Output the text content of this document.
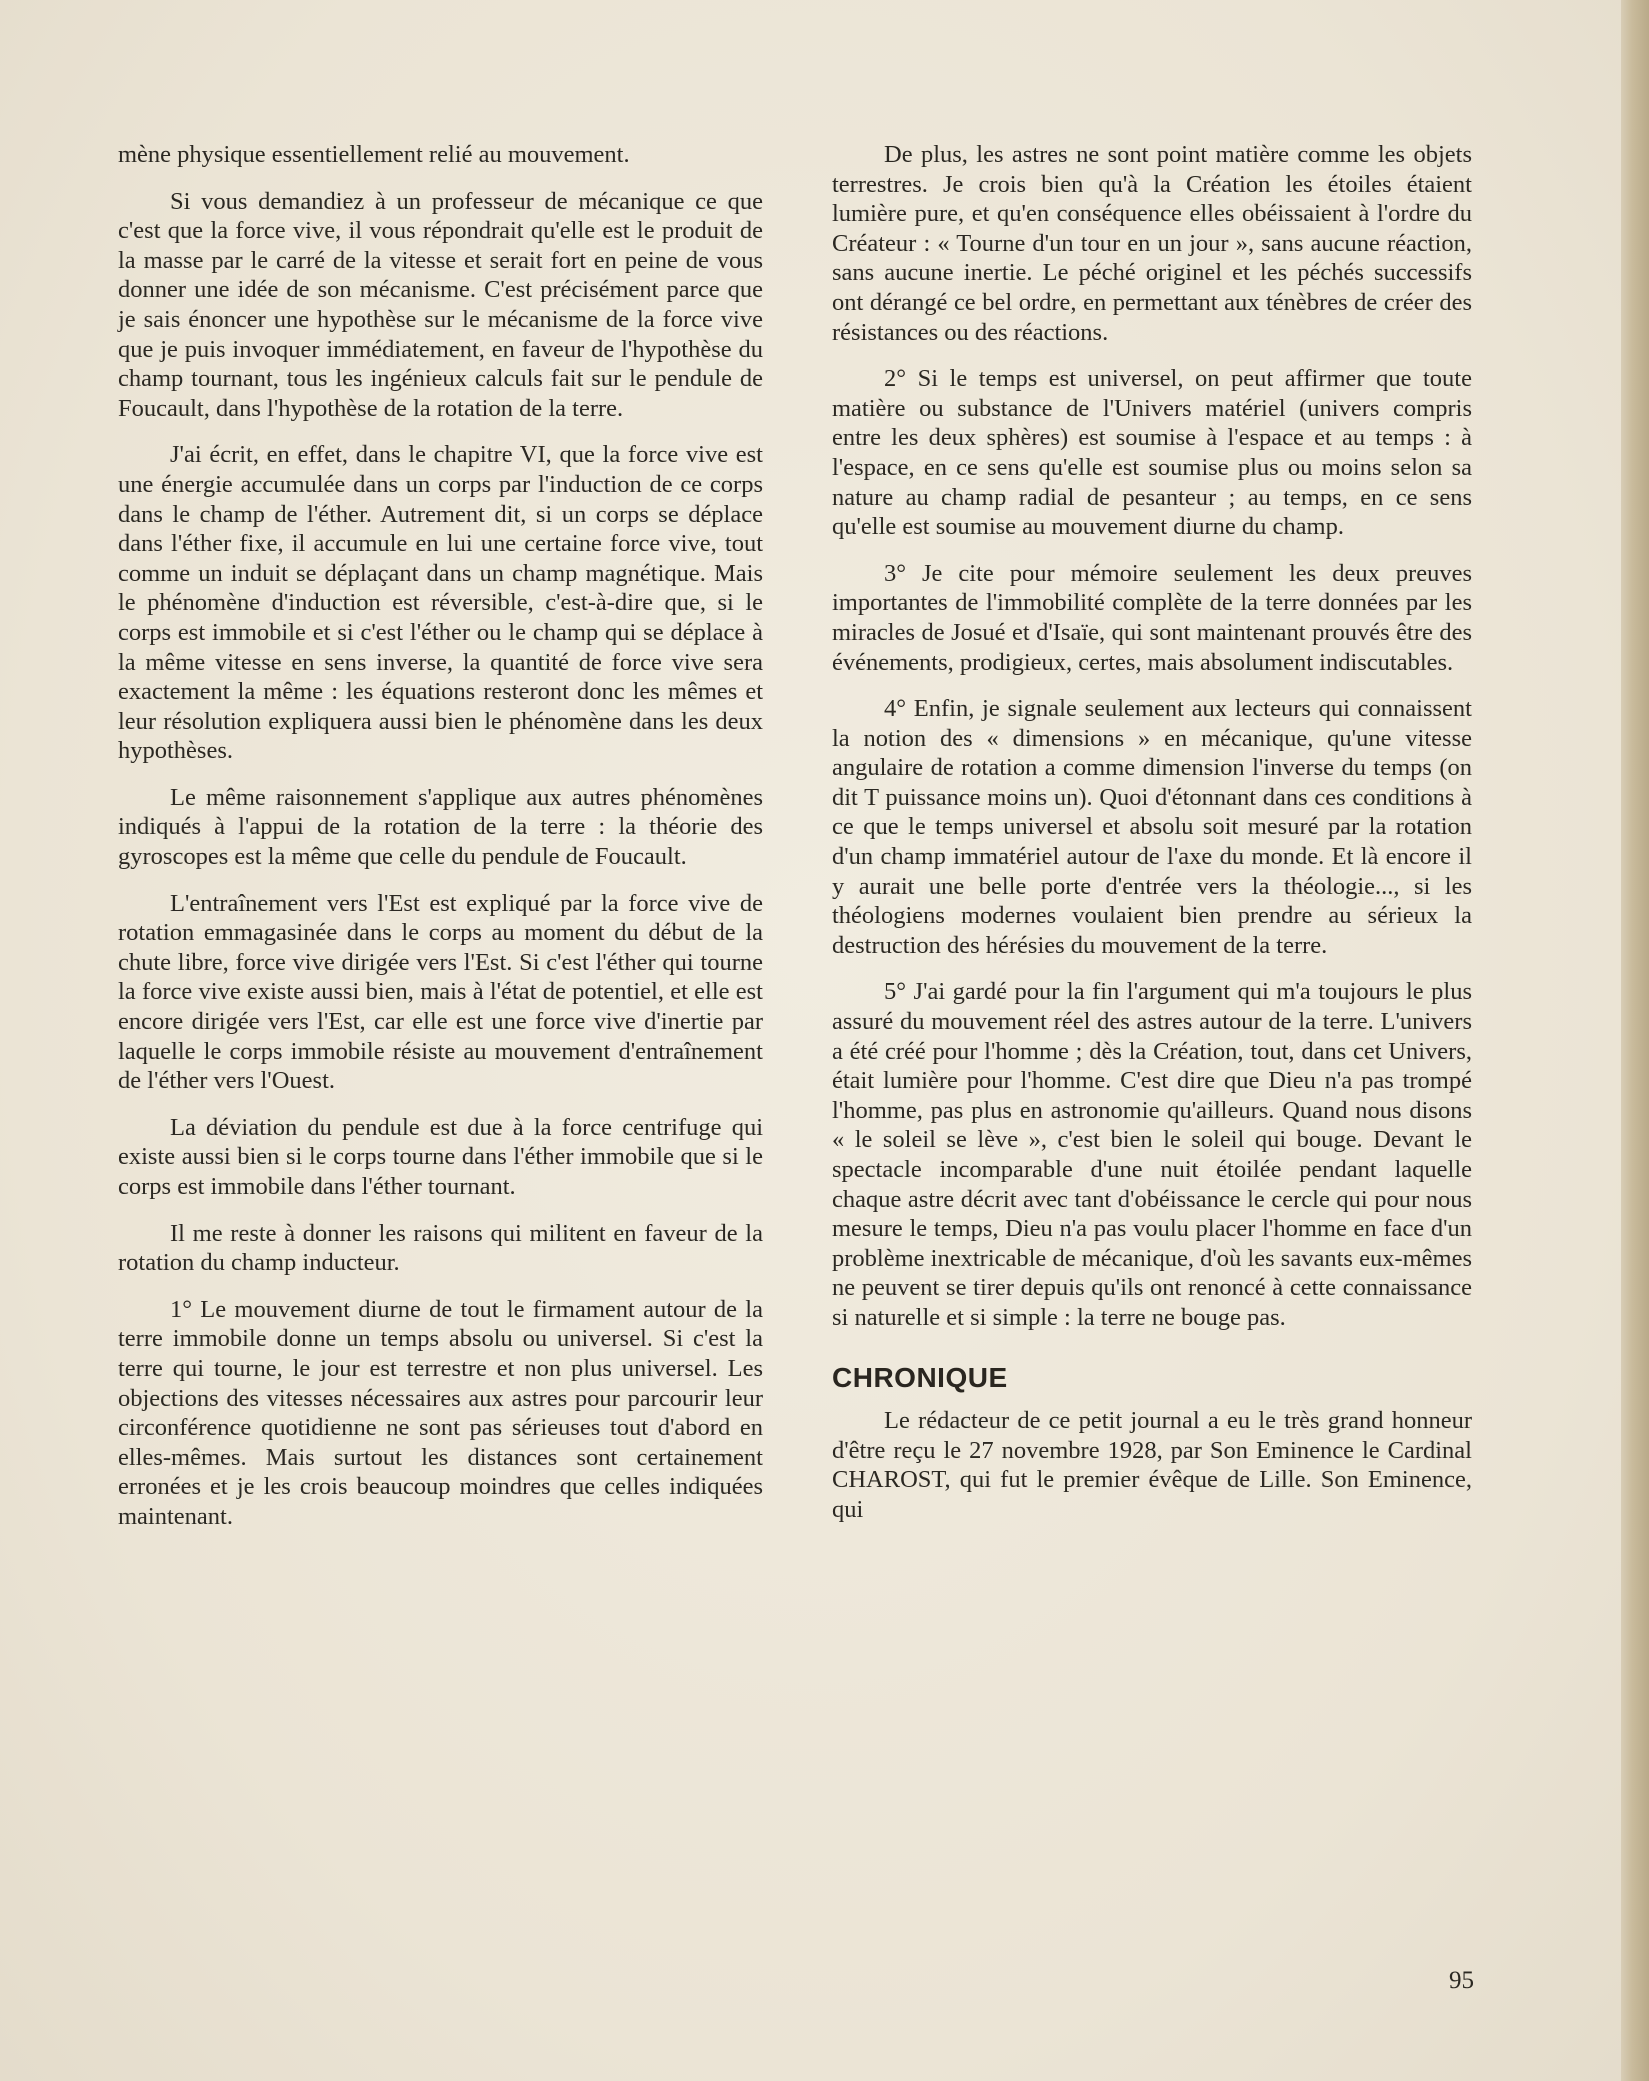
mène physique essentiellement relié au mouvement.

Si vous demandiez à un professeur de mécanique ce que c'est que la force vive, il vous répondrait qu'elle est le produit de la masse par le carré de la vitesse et serait fort en peine de vous donner une idée de son mécanisme. C'est précisément parce que je sais énoncer une hypothèse sur le mécanisme de la force vive que je puis invoquer immédiatement, en faveur de l'hypothèse du champ tournant, tous les ingénieux calculs fait sur le pendule de Foucault, dans l'hypothèse de la rotation de la terre.

J'ai écrit, en effet, dans le chapitre VI, que la force vive est une énergie accumulée dans un corps par l'induction de ce corps dans le champ de l'éther. Autrement dit, si un corps se déplace dans l'éther fixe, il accumule en lui une certaine force vive, tout comme un induit se déplaçant dans un champ magnétique. Mais le phénomène d'induction est réversible, c'est-à-dire que, si le corps est immobile et si c'est l'éther ou le champ qui se déplace à la même vitesse en sens inverse, la quantité de force vive sera exactement la même : les équations resteront donc les mêmes et leur résolution expliquera aussi bien le phénomène dans les deux hypothèses.

Le même raisonnement s'applique aux autres phénomènes indiqués à l'appui de la rotation de la terre : la théorie des gyroscopes est la même que celle du pendule de Foucault.

L'entraînement vers l'Est est expliqué par la force vive de rotation emmagasinée dans le corps au moment du début de la chute libre, force vive dirigée vers l'Est. Si c'est l'éther qui tourne la force vive existe aussi bien, mais à l'état de potentiel, et elle est encore dirigée vers l'Est, car elle est une force vive d'inertie par laquelle le corps immobile résiste au mouvement d'entraînement de l'éther vers l'Ouest.

La déviation du pendule est due à la force centrifuge qui existe aussi bien si le corps tourne dans l'éther immobile que si le corps est immobile dans l'éther tournant.

Il me reste à donner les raisons qui militent en faveur de la rotation du champ inducteur.

1° Le mouvement diurne de tout le firmament autour de la terre immobile donne un temps absolu ou universel. Si c'est la terre qui tourne, le jour est terrestre et non plus universel. Les objections des vitesses nécessaires aux astres pour parcourir leur circonférence quotidienne ne sont pas sérieuses tout d'abord en elles-mêmes. Mais surtout les distances sont certainement erronées et je les crois beaucoup moindres que celles indiquées maintenant.

De plus, les astres ne sont point matière comme les objets terrestres. Je crois bien qu'à la Création les étoiles étaient lumière pure, et qu'en conséquence elles obéissaient à l'ordre du Créateur : « Tourne d'un tour en un jour », sans aucune réaction, sans aucune inertie. Le péché originel et les péchés successifs ont dérangé ce bel ordre, en permettant aux ténèbres de créer des résistances ou des réactions.

2° Si le temps est universel, on peut affirmer que toute matière ou substance de l'Univers matériel (univers compris entre les deux sphères) est soumise à l'espace et au temps : à l'espace, en ce sens qu'elle est soumise plus ou moins selon sa nature au champ radial de pesanteur ; au temps, en ce sens qu'elle est soumise au mouvement diurne du champ.

3° Je cite pour mémoire seulement les deux preuves importantes de l'immobilité complète de la terre données par les miracles de Josué et d'Isaïe, qui sont maintenant prouvés être des événements, prodigieux, certes, mais absolument indiscutables.

4° Enfin, je signale seulement aux lecteurs qui connaissent la notion des « dimensions » en mécanique, qu'une vitesse angulaire de rotation a comme dimension l'inverse du temps (on dit T puissance moins un). Quoi d'étonnant dans ces conditions à ce que le temps universel et absolu soit mesuré par la rotation d'un champ immatériel autour de l'axe du monde. Et là encore il y aurait une belle porte d'entrée vers la théologie..., si les théologiens modernes voulaient bien prendre au sérieux la destruction des hérésies du mouvement de la terre.

5° J'ai gardé pour la fin l'argument qui m'a toujours le plus assuré du mouvement réel des astres autour de la terre. L'univers a été créé pour l'homme ; dès la Création, tout, dans cet Univers, était lumière pour l'homme. C'est dire que Dieu n'a pas trompé l'homme, pas plus en astronomie qu'ailleurs. Quand nous disons « le soleil se lève », c'est bien le soleil qui bouge. Devant le spectacle incomparable d'une nuit étoilée pendant laquelle chaque astre décrit avec tant d'obéissance le cercle qui pour nous mesure le temps, Dieu n'a pas voulu placer l'homme en face d'un problème inextricable de mécanique, d'où les savants eux-mêmes ne peuvent se tirer depuis qu'ils ont renoncé à cette connaissance si naturelle et si simple : la terre ne bouge pas.

CHRONIQUE

Le rédacteur de ce petit journal a eu le très grand honneur d'être reçu le 27 novembre 1928, par Son Eminence le Cardinal CHAROST, qui fut le premier évêque de Lille. Son Eminence, qui

95
